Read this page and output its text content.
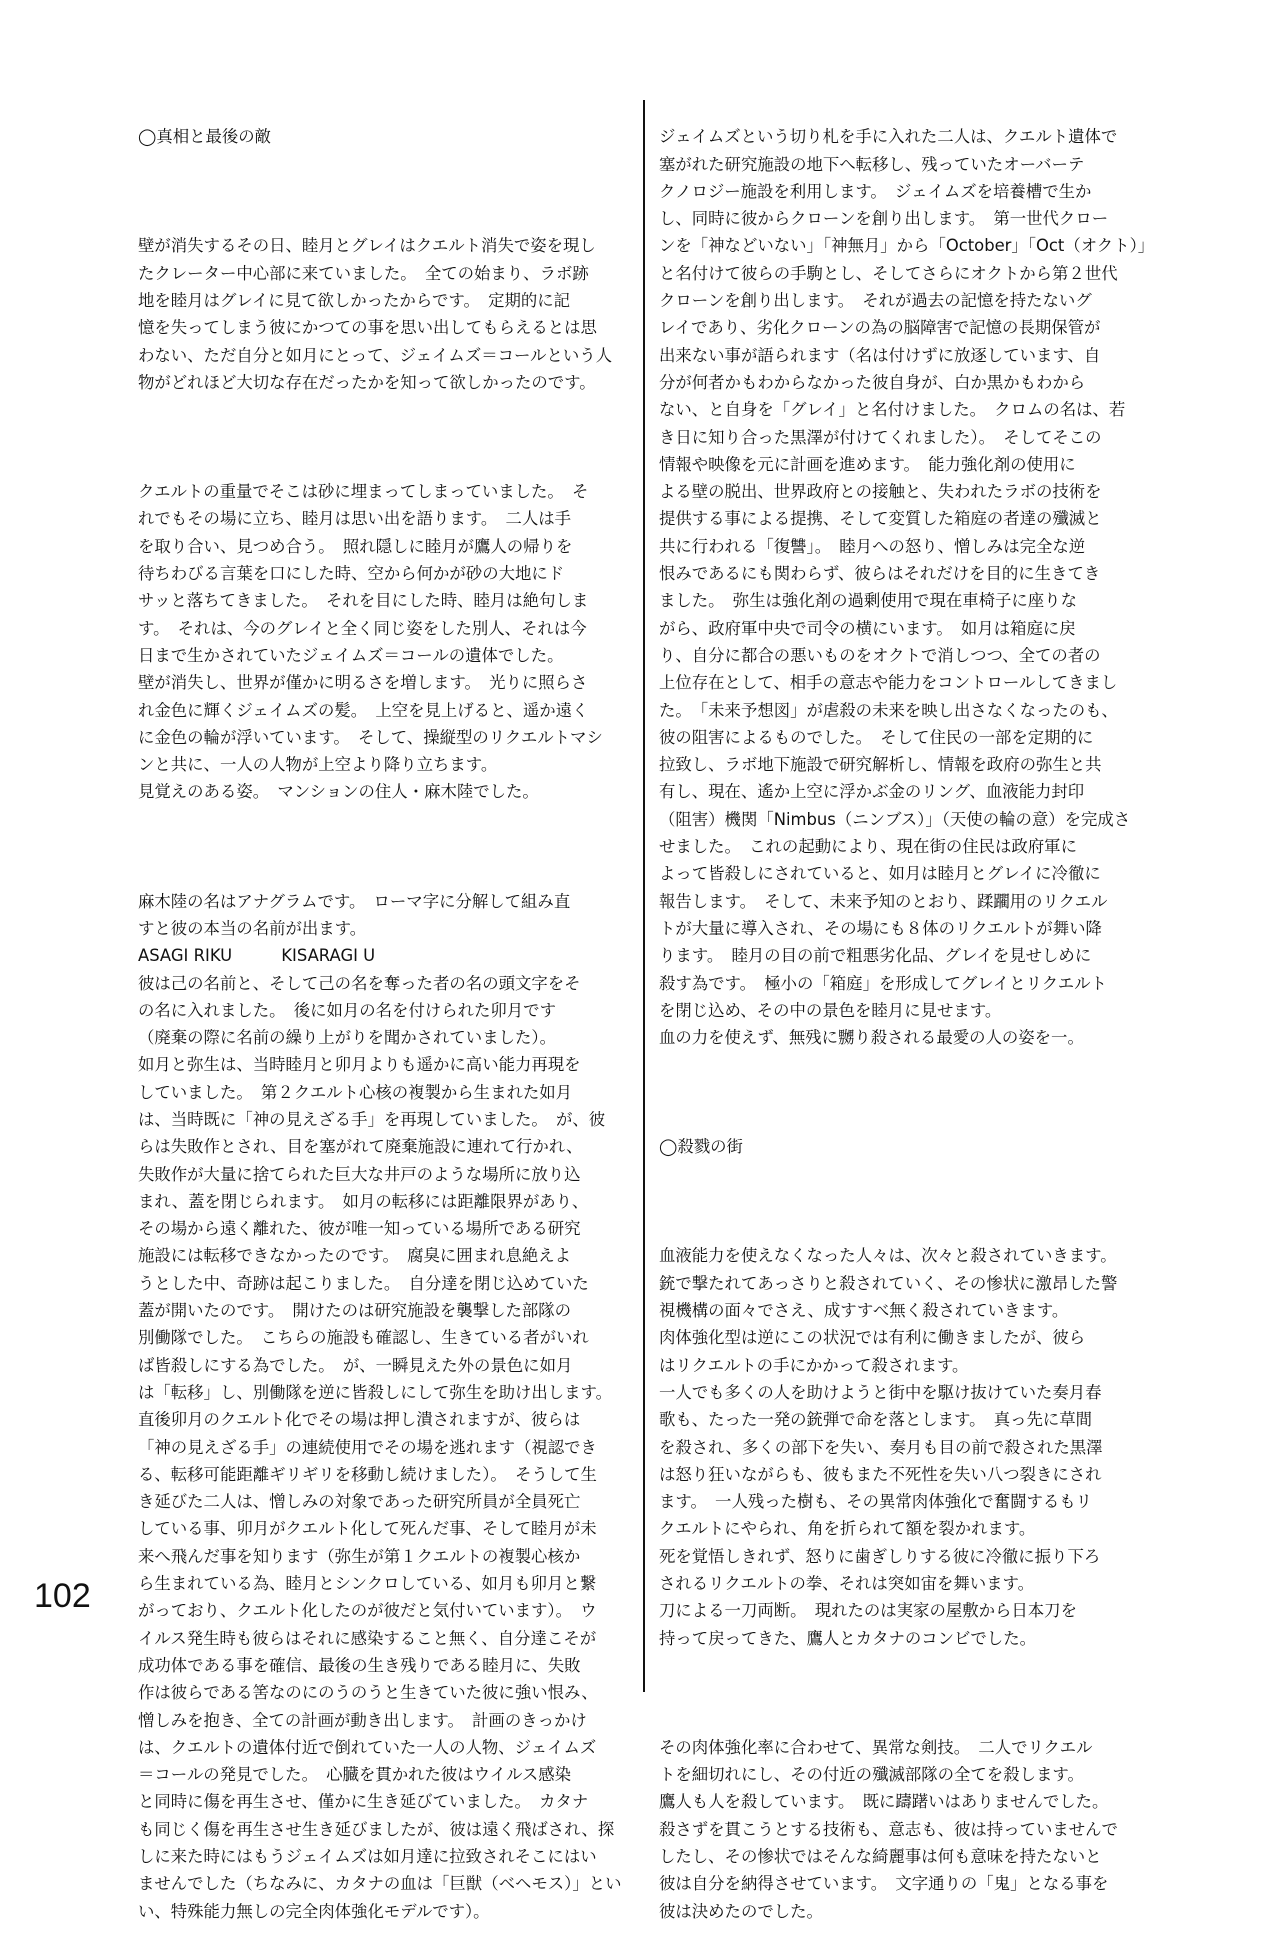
◯真相と最後の敵

壁が消失するその日、睦月とグレイはクエルト消失で姿を現し
たクレーター中心部に来ていました。　全ての始まり、ラボ跡
地を睦月はグレイに見て欲しかったからです。　定期的に記
憶を失ってしまう彼にかつての事を思い出してもらえるとは思
わない、ただ自分と如月にとって、ジェイムズ＝コールという人
物がどれほど大切な存在だったかを知って欲しかったのです。

クエルトの重量でそこは砂に埋まってしまっていました。　そ
れでもその場に立ち、睦月は思い出を語ります。　二人は手
を取り合い、見つめ合う。　照れ隠しに睦月が鷹人の帰りを
待ちわびる言葉を口にした時、空から何かが砂の大地にド
サッと落ちてきました。　それを目にした時、睦月は絶句しま
す。　それは、今のグレイと全く同じ姿をした別人、それは今
日まで生かされていたジェイムズ＝コールの遺体でした。
壁が消失し、世界が僅かに明るさを増します。　光りに照らさ
れ金色に輝くジェイムズの髪。　上空を見上げると、遥か遠く
に金色の輪が浮いています。　そして、操縦型のリクエルトマシ
ンと共に、一人の人物が上空より降り立ちます。
見覚えのある姿。　マンションの住人・麻木陸でした。

麻木陸の名はアナグラムです。　ローマ字に分解して組み直
すと彼の本当の名前が出ます。
ASAGI RIKU　　　KISARAGI U
彼は己の名前と、そして己の名を奪った者の名の頭文字をそ
の名に入れました。　後に如月の名を付けられた卯月です
（廃棄の際に名前の繰り上がりを聞かされていました）。
如月と弥生は、当時睦月と卯月よりも遥かに高い能力再現を
していました。　第２クエルト心核の複製から生まれた如月
は、当時既に「神の見えざる手」を再現していました。　が、彼
らは失敗作とされ、目を塞がれて廃棄施設に連れて行かれ、
失敗作が大量に捨てられた巨大な井戸のような場所に放り込
まれ、蓋を閉じられます。　如月の転移には距離限界があり、
その場から遠く離れた、彼が唯一知っている場所である研究
施設には転移できなかったのです。　腐臭に囲まれ息絶えよ
うとした中、奇跡は起こりました。　自分達を閉じ込めていた
蓋が開いたのです。　開けたのは研究施設を襲撃した部隊の
別働隊でした。　こちらの施設も確認し、生きている者がいれ
ば皆殺しにする為でした。　が、一瞬見えた外の景色に如月
は「転移」し、別働隊を逆に皆殺しにして弥生を助け出します。
直後卯月のクエルト化でその場は押し潰されますが、彼らは
「神の見えざる手」の連続使用でその場を逃れます（視認でき
る、転移可能距離ギリギリを移動し続けました）。　そうして生
き延びた二人は、憎しみの対象であった研究所員が全員死亡
している事、卯月がクエルト化して死んだ事、そして睦月が未
来へ飛んだ事を知ります（弥生が第１クエルトの複製心核か
ら生まれている為、睦月とシンクロしている、如月も卯月と繋
がっており、クエルト化したのが彼だと気付いています）。　ウ
イルス発生時も彼らはそれに感染すること無く、自分達こそが
成功体である事を確信、最後の生き残りである睦月に、失敗
作は彼らである筈なのにのうのうと生きていた彼に強い恨み、
憎しみを抱き、全ての計画が動き出します。　計画のきっかけ
は、クエルトの遺体付近で倒れていた一人の人物、ジェイムズ
＝コールの発見でした。　心臓を貫かれた彼はウイルス感染
と同時に傷を再生させ、僅かに生き延びていました。　カタナ
も同じく傷を再生させ生き延びましたが、彼は遠く飛ばされ、探
しに来た時にはもうジェイムズは如月達に拉致されそこにはい
ませんでした（ちなみに、カタナの血は「巨獣（ベヘモス）」とい
い、特殊能力無しの完全肉体強化モデルです）。

ジェイムズという切り札を手に入れた二人は、クエルト遺体で
塞がれた研究施設の地下へ転移し、残っていたオーバーテ
クノロジー施設を利用します。　ジェイムズを培養槽で生か
し、同時に彼からクローンを創り出します。　第一世代クロー
ンを「神などいない」「神無月」から「October」「Oct（オクト）」
と名付けて彼らの手駒とし、そしてさらにオクトから第２世代
クローンを創り出します。　それが過去の記憶を持たないグ
レイであり、劣化クローンの為の脳障害で記憶の長期保管が
出来ない事が語られます（名は付けずに放逐しています、自
分が何者かもわからなかった彼自身が、白か黒かもわから
ない、と自身を「グレイ」と名付けました。　クロムの名は、若
き日に知り合った黒澤が付けてくれました）。　そしてそこの
情報や映像を元に計画を進めます。　能力強化剤の使用に
よる壁の脱出、世界政府との接触と、失われたラボの技術を
提供する事による提携、そして変質した箱庭の者達の殲滅と
共に行われる「復讐」。　睦月への怒り、憎しみは完全な逆
恨みであるにも関わらず、彼らはそれだけを目的に生きてき
ました。　弥生は強化剤の過剰使用で現在車椅子に座りな
がら、政府軍中央で司令の横にいます。　如月は箱庭に戻
り、自分に都合の悪いものをオクトで消しつつ、全ての者の
上位存在として、相手の意志や能力をコントロールしてきまし
た。　「未来予想図」が虐殺の未来を映し出さなくなったのも、
彼の阻害によるものでした。　そして住民の一部を定期的に
拉致し、ラボ地下施設で研究解析し、情報を政府の弥生と共
有し、現在、遙か上空に浮かぶ金のリング、血液能力封印
（阻害）機関「Nimbus（ニンブス）」（天使の輪の意）を完成さ
せました。　これの起動により、現在街の住民は政府軍に
よって皆殺しにされていると、如月は睦月とグレイに冷徹に
報告します。　そして、未来予知のとおり、蹂躙用のリクエル
トが大量に導入され、その場にも８体のリクエルトが舞い降
ります。　睦月の目の前で粗悪劣化品、グレイを見せしめに
殺す為です。　極小の「箱庭」を形成してグレイとリクエルト
を閉じ込め、その中の景色を睦月に見せます。
血の力を使えず、無残に嬲り殺される最愛の人の姿を一。

◯殺戮の街

血液能力を使えなくなった人々は、次々と殺されていきます。
銃で撃たれてあっさりと殺されていく、その惨状に激昂した警
視機構の面々でさえ、成すすべ無く殺されていきます。
肉体強化型は逆にこの状況では有利に働きましたが、彼ら
はリクエルトの手にかかって殺されます。
一人でも多くの人を助けようと街中を駆け抜けていた奏月春
歌も、たった一発の銃弾で命を落とします。　真っ先に草間
を殺され、多くの部下を失い、奏月も目の前で殺された黒澤
は怒り狂いながらも、彼もまた不死性を失い八つ裂きにされ
ます。　一人残った樹も、その異常肉体強化で奮闘するもリ
クエルトにやられ、角を折られて額を裂かれます。
死を覚悟しきれず、怒りに歯ぎしりする彼に冷徹に振り下ろ
されるリクエルトの拳、それは突如宙を舞います。
刀による一刀両断。　現れたのは実家の屋敷から日本刀を
持って戻ってきた、鷹人とカタナのコンビでした。

その肉体強化率に合わせて、異常な剣技。　二人でリクエル
トを細切れにし、その付近の殲滅部隊の全てを殺します。
鷹人も人を殺しています。　既に躊躇いはありませんでした。
殺さずを貫こうとする技術も、意志も、彼は持っていませんで
したし、その惨状ではそんな綺麗事は何も意味を持たないと
彼は自分を納得させています。　文字通りの「鬼」となる事を
彼は決めたのでした。

102
